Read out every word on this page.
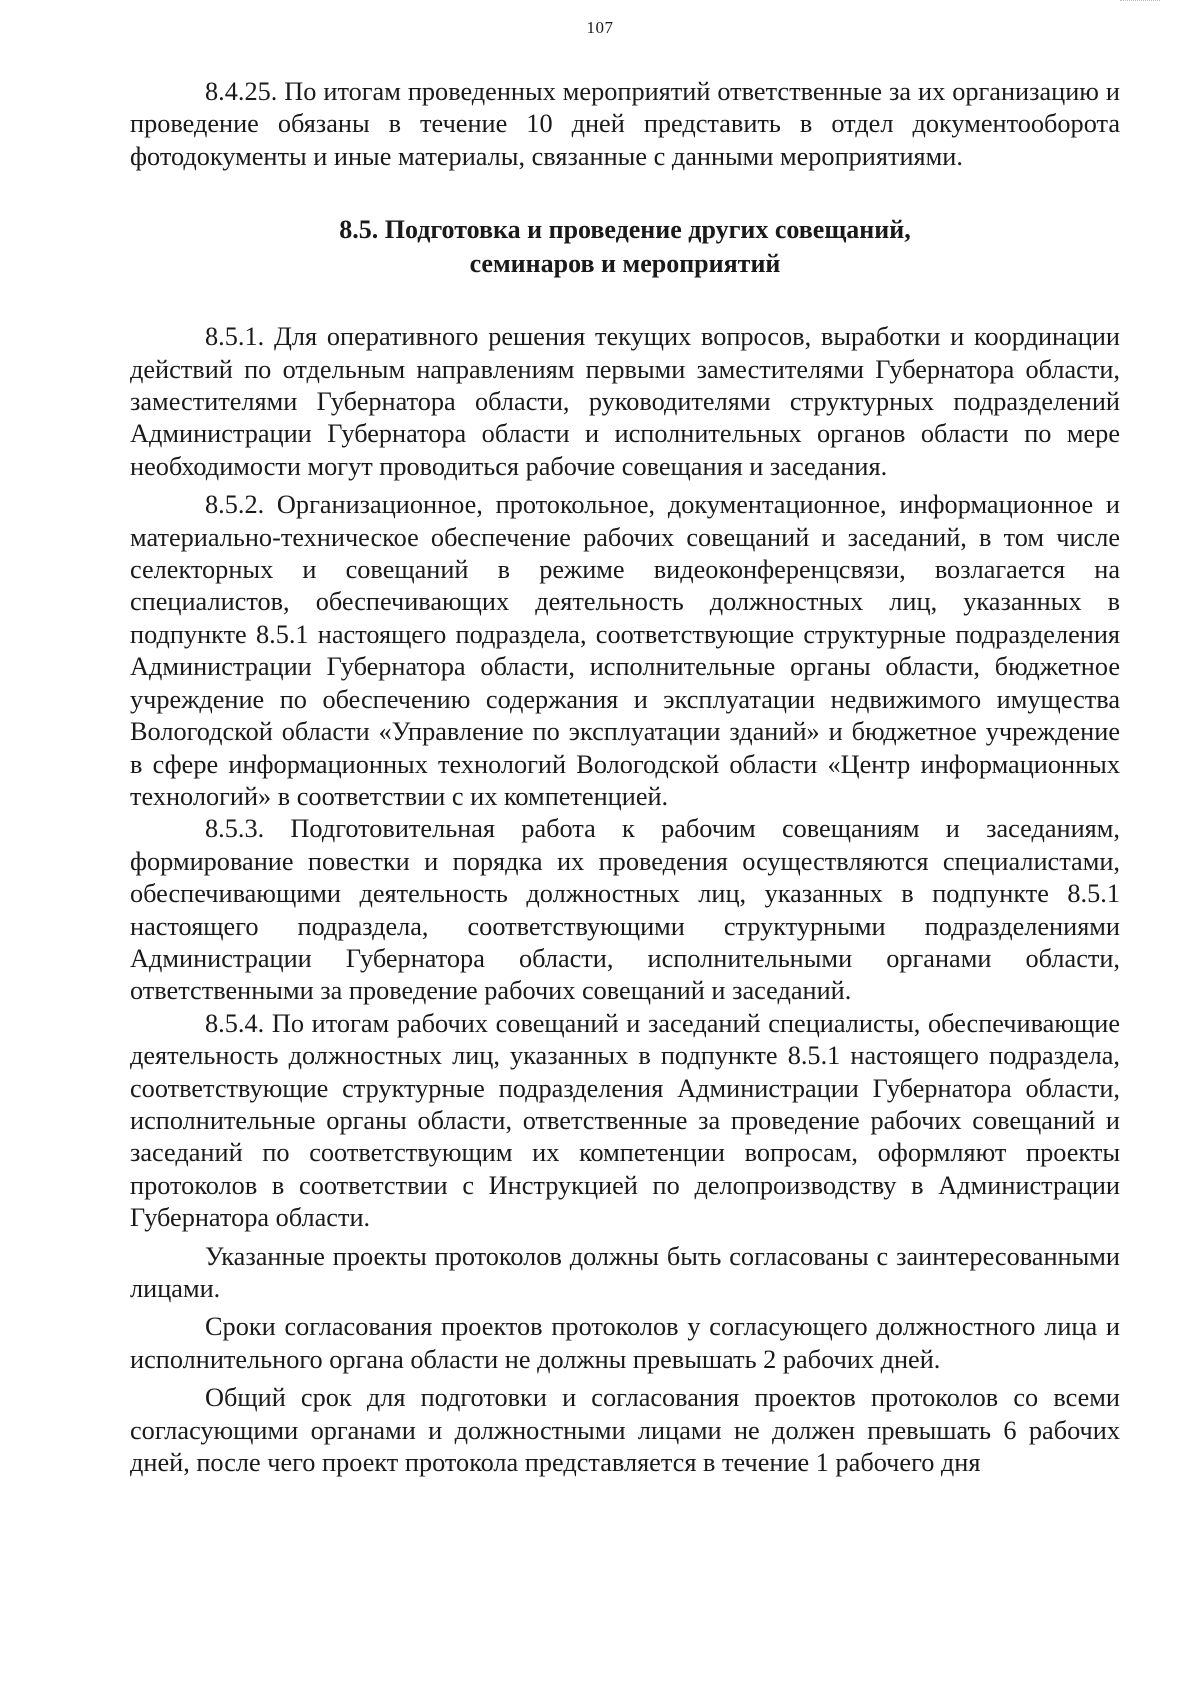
107

8.4.25. По итогам проведенных мероприятий ответственные за их организацию и проведение обязаны в течение 10 дней представить в отдел документооборота фотодокументы и иные материалы, связанные с данными мероприятиями.

8.5. Подготовка и проведение других совещаний,
семинаров и мероприятий

8.5.1. Для оперативного решения текущих вопросов, выработки и координации действий по отдельным направлениям первыми заместителями Губернатора области, заместителями Губернатора области, руководителями структурных подразделений Администрации Губернатора области и исполнительных органов области по мере необходимости могут проводиться рабочие совещания и заседания.

8.5.2. Организационное, протокольное, документационное, информационное и материально-техническое обеспечение рабочих совещаний и заседаний, в том числе селекторных и совещаний в режиме видеоконференцсвязи, возлагается на специалистов, обеспечивающих деятельность должностных лиц, указанных в подпункте 8.5.1 настоящего подраздела, соответствующие структурные подразделения Администрации Губернатора области, исполнительные органы области, бюджетное учреждение по обеспечению содержания и эксплуатации недвижимого имущества Вологодской области «Управление по эксплуатации зданий» и бюджетное учреждение в сфере информационных технологий Вологодской области «Центр информационных технологий» в соответствии с их компетенцией.

8.5.3. Подготовительная работа к рабочим совещаниям и заседаниям, формирование повестки и порядка их проведения осуществляются специалистами, обеспечивающими деятельность должностных лиц, указанных в подпункте 8.5.1 настоящего подраздела, соответствующими структурными подразделениями Администрации Губернатора области, исполнительными органами области, ответственными за проведение рабочих совещаний и заседаний.

8.5.4. По итогам рабочих совещаний и заседаний специалисты, обеспечивающие деятельность должностных лиц, указанных в подпункте 8.5.1 настоящего подраздела, соответствующие структурные подразделения Администрации Губернатора области, исполнительные органы области, ответственные за проведение рабочих совещаний и заседаний по соответствующим их компетенции вопросам, оформляют проекты протоколов в соответствии с Инструкцией по делопроизводству в Администрации Губернатора области.

Указанные проекты протоколов должны быть согласованы с заинтересованными лицами.

Сроки согласования проектов протоколов у согласующего должностного лица и исполнительного органа области не должны превышать 2 рабочих дней.

Общий срок для подготовки и согласования проектов протоколов со всеми согласующими органами и должностными лицами не должен превышать 6 рабочих дней, после чего проект протокола представляется в течение 1 рабочего дня
